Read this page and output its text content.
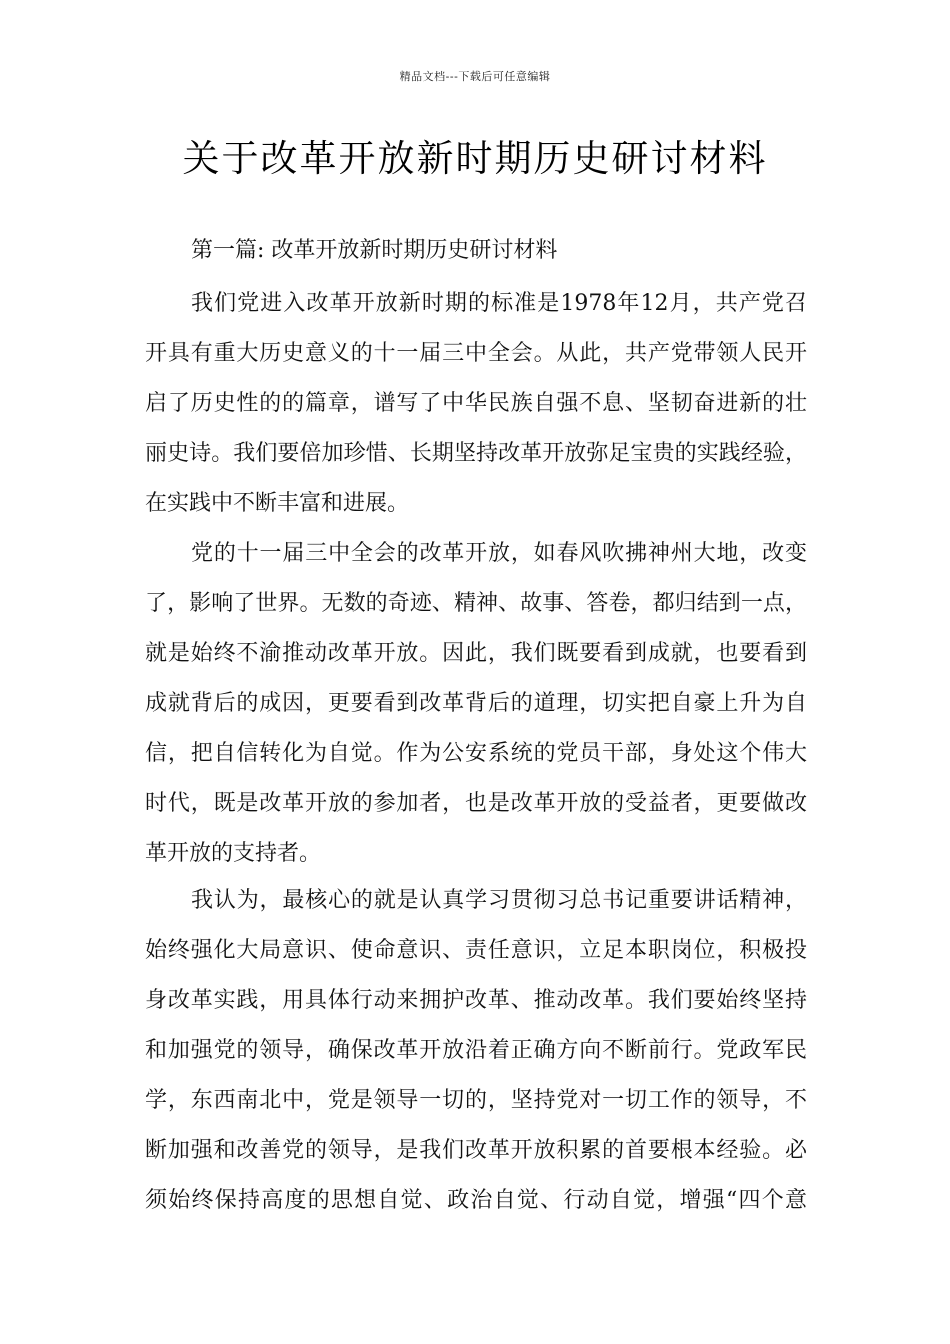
精品文档---下载后可任意编辑
关于改革开放新时期历史研讨材料
第一篇: 改革开放新时期历史研讨材料
我们党进入改革开放新时期的标准是1978年12月，共产党召
开具有重大历史意义的十一届三中全会。从此，共产党带领人民开
启了历史性的的篇章，谱写了中华民族自强不息、坚韧奋进新的壮
丽史诗。我们要倍加珍惜、长期坚持改革开放弥足宝贵的实践经验，
在实践中不断丰富和进展。
党的十一届三中全会的改革开放，如春风吹拂神州大地，改变
了，影响了世界。无数的奇迹、精神、故事、答卷，都归结到一点，
就是始终不渝推动改革开放。因此，我们既要看到成就，也要看到
成就背后的成因，更要看到改革背后的道理，切实把自豪上升为自
信，把自信转化为自觉。作为公安系统的党员干部，身处这个伟大
时代，既是改革开放的参加者，也是改革开放的受益者，更要做改
革开放的支持者。
我认为，最核心的就是认真学习贯彻习总书记重要讲话精神，
始终强化大局意识、使命意识、责任意识，立足本职岗位，积极投
身改革实践，用具体行动来拥护改革、推动改革。我们要始终坚持
和加强党的领导，确保改革开放沿着正确方向不断前行。党政军民
学，东西南北中，党是领导一切的，坚持党对一切工作的领导，不
断加强和改善党的领导，是我们改革开放积累的首要根本经验。必
须始终保持高度的思想自觉、政治自觉、行动自觉，增强“四个意
